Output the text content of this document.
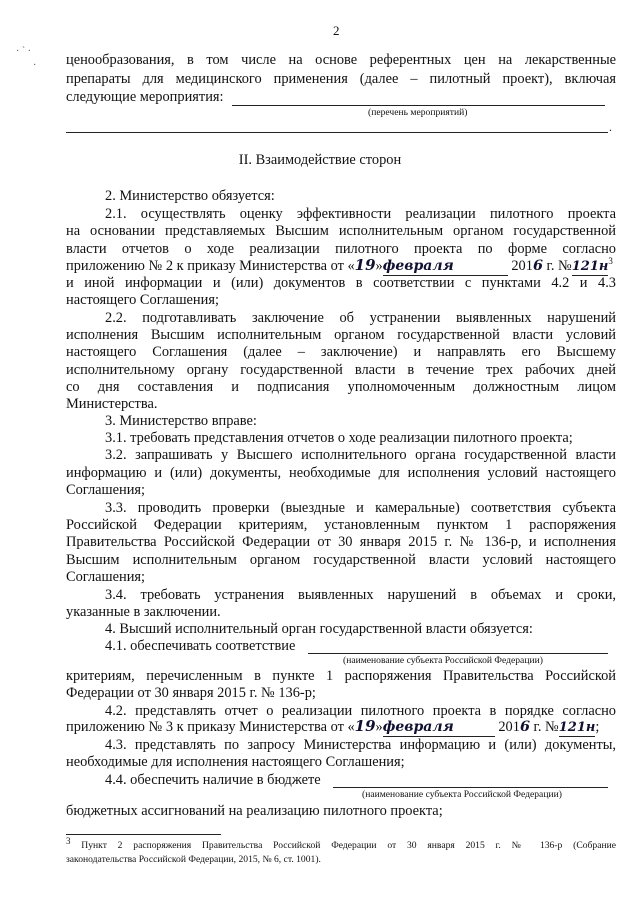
2
· ` ·
· ценообразования, в том числе на основе референтных цен на лекарственные
препараты для медицинского применения (далее – пилотный проект), включая
следующие мероприятия:
(перечень мероприятий)
.
II. Взаимодействие сторон
2. Министерство обязуется:
2.1. осуществлять оценку эффективности реализации пилотного проекта
на основании представляемых Высшим исполнительным органом государственной
власти отчетов о ходе реализации пилотного проекта по форме согласно
приложению № 2 к приказу Министерства от «19»февраля	2016 г. $№121н^3$
и иной информации и (или) документов в соответствии с пунктами 4.2 и 4.3
настоящего Соглашения;
2.2. подготавливать заключение об устранении выявленных нарушений
исполнения Высшим исполнительным органом государственной власти условий
настоящего Соглашения (далее – заключение) и направлять его Высшему
исполнительному органу государственной власти в течение трех рабочих дней
со дня составления и подписания уполномоченным должностным лицом
Министерства.
3. Министерство вправе:
3.1. требовать представления отчетов о ходе реализации пилотного проекта;
3.2. запрашивать у Высшего исполнительного органа государственной власти
информацию и (или) документы, необходимые для исполнения условий настоящего
Соглашения;
3.3. проводить проверки (выездные и камеральные) соответствия субъекта
Российской Федерации критериям, установленным пунктом 1 распоряжения
Правительства Российской Федерации от 30 января 2015 г. № 136-р, и исполнения
Высшим исполнительным органом государственной власти условий настоящего
Соглашения;
3.4. требовать устранения выявленных нарушений в объемах и сроки,
указанные в заключении.
4. Высший исполнительный орган государственной власти обязуется:
4.1. обеспечивать соответствие
(наименование субъекта Российской Федерации)
критериям, перечисленным в пункте 1 распоряжения Правительства Российской
Федерации от 30 января 2015 г. № 136-р;
4.2. представлять отчет о реализации пилотного проекта в порядке согласно
приложению № 3 к приказу Министерства от «19»февраля	2016 г. №121н;
4.3. представлять по запросу Министерства информацию и (или) документы,
необходимые для исполнения настоящего Соглашения;
4.4. обеспечить наличие в бюджете
(наименование субъекта Российской Федерации)
бюджетных ассигнований на реализацию пилотного проекта;
$^3$ Пункт 2 распоряжения Правительства Российской Федерации от 30 января 2015 г. № 136-р (Собрание
законодательства Российской Федерации, 2015, № 6, ст. 1001).
